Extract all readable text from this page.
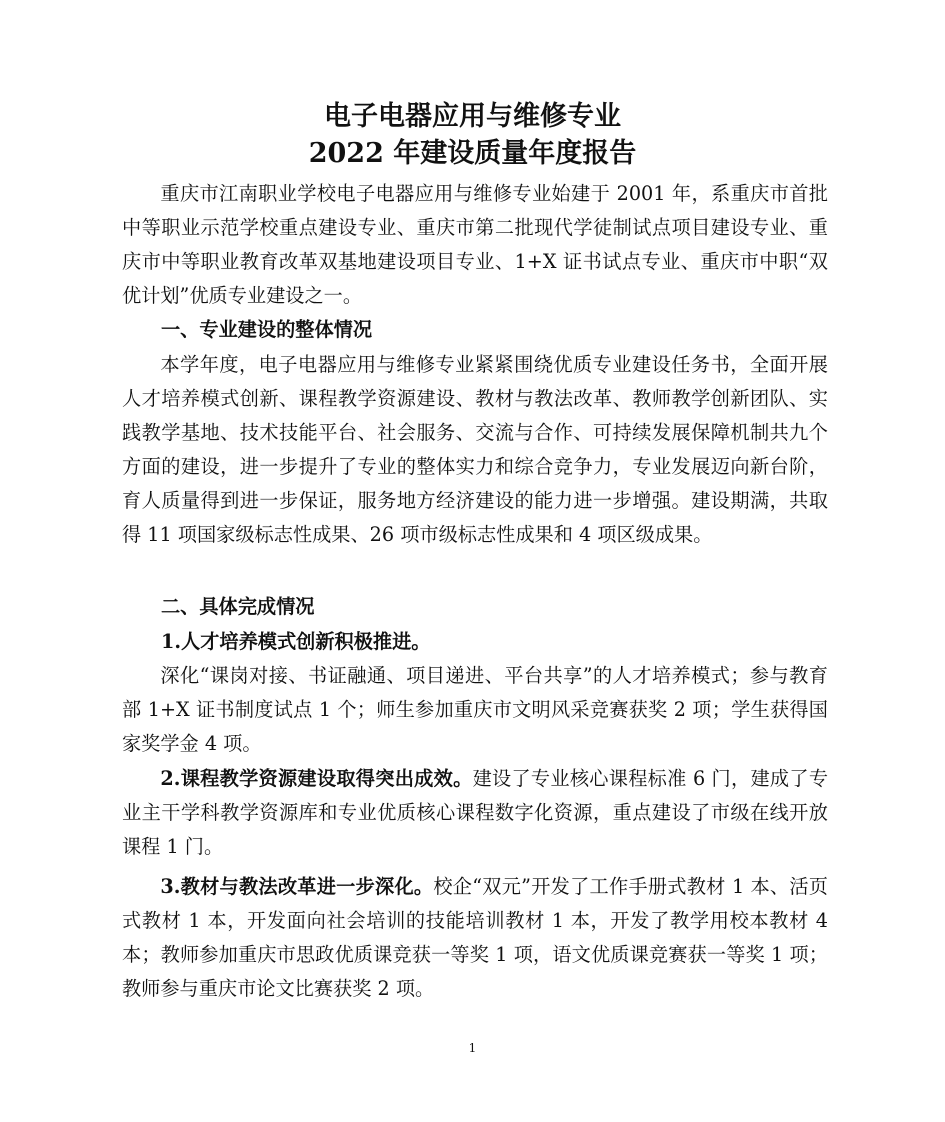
电子电器应用与维修专业
2022 年建设质量年度报告

重庆市江南职业学校电子电器应用与维修专业始建于 2001 年，系重庆市首批中等职业示范学校重点建设专业、重庆市第二批现代学徒制试点项目建设专业、重庆市中等职业教育改革双基地建设项目专业、1+X 证书试点专业、重庆市中职“双优计划”优质专业建设之一。

一、专业建设的整体情况

本学年度，电子电器应用与维修专业紧紧围绕优质专业建设任务书，全面开展人才培养模式创新、课程教学资源建设、教材与教法改革、教师教学创新团队、实践教学基地、技术技能平台、社会服务、交流与合作、可持续发展保障机制共九个方面的建设，进一步提升了专业的整体实力和综合竞争力，专业发展迈向新台阶，育人质量得到进一步保证，服务地方经济建设的能力进一步增强。建设期满，共取得 11 项国家级标志性成果、26 项市级标志性成果和 4 项区级成果。

二、具体完成情况

1.人才培养模式创新积极推进。

深化“课岗对接、书证融通、项目递进、平台共享”的人才培养模式；参与教育部 1+X 证书制度试点 1 个；师生参加重庆市文明风采竞赛获奖 2 项；学生获得国家奖学金 4 项。

2.课程教学资源建设取得突出成效。建设了专业核心课程标准 6 门，建成了专业主干学科教学资源库和专业优质核心课程数字化资源，重点建设了市级在线开放课程 1 门。

3.教材与教法改革进一步深化。校企“双元”开发了工作手册式教材 1 本、活页式教材 1 本，开发面向社会培训的技能培训教材 1 本，开发了教学用校本教材 4 本；教师参加重庆市思政优质课竞获一等奖 1 项，语文优质课竞赛获一等奖 1 项；教师参与重庆市论文比赛获奖 2 项。

1
